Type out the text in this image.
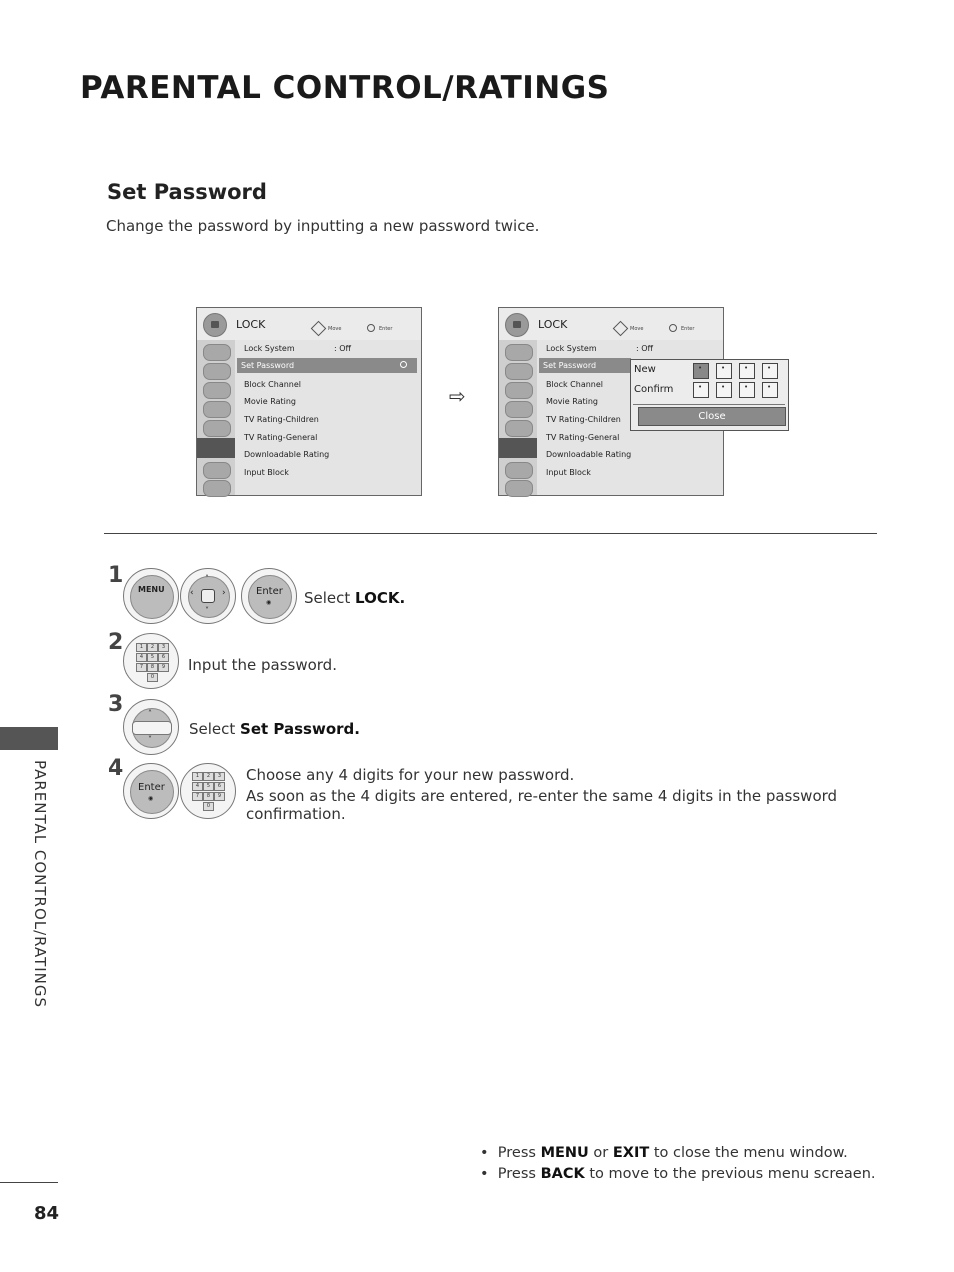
PARENTAL CONTROL/RATINGS
Set Password
Change the password by inputting a new password twice.
LOCK	Move	Enter
Lock System	: Off
Set Password
Block Channel
Movie Rating
TV Rating-Children
TV Rating-General
Downloadable Rating
Input Block
⇨
LOCK	Move	Enter
Lock System	: Off
Set Password
Block Channel
Movie Rating
TV Rating-Children
TV Rating-General
Downloadable Rating
Input Block
New
•
•
•
•
Confirm
•
•
•
•
Close
1
MENU
˄
˅
‹	›	Enter
◉ Select LOCK.
2	1	2	3
4	5	6
7	8	9
0
Input the password.
3	˄
˅
Select Set Password.
4
Enter
◉
1	2	3
4	5	6
7	8	9
0
Choose any 4 digits for your new password.
As soon as the 4 digits are entered, re-enter the same 4 digits in the password
confirmation.
PARENTAL CONTROL/RATINGS
•  Press MENU or EXIT to close the menu window.
•  Press BACK to move to the previous menu screaen.
84
